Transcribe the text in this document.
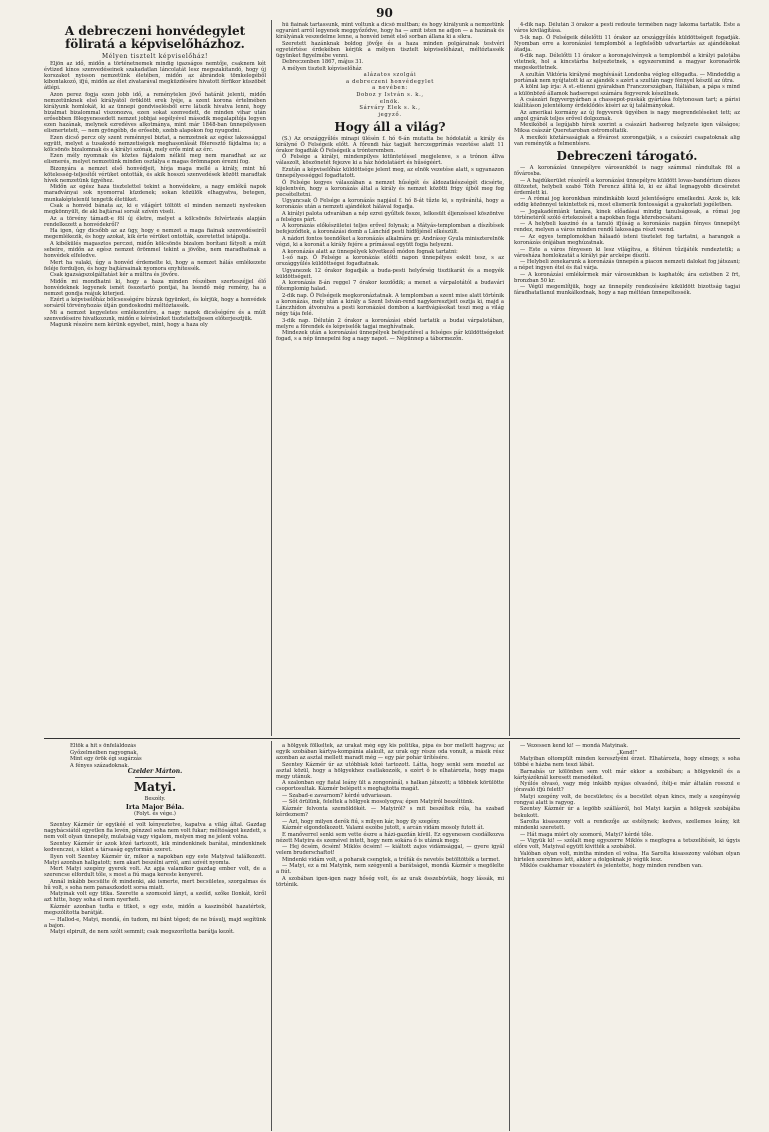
90

A debreczeni honvédegylet föliratá a képviselőházhoz.

Mélyen tisztelt képviselőház!

Eljön az idő, midőn a történetnemek mindig igazságos nemtője, csaknem két évtized kínos szenvedéseinek szakadatlan láncolatát lesz megszakítandó, hogy új korszakot nyisson nemzetünk életében, midőn az ábrándok tömkelegéből kibontakozó, ifjú, midőn az élet zivatarával megküzdésére hivatott férfikor küszöbét átlépi.

Azon perez fogja ezen jobb idő, a reménytelen jövő határát jelenti, midőn nemzetünknek első királyától öröklött erek lyéje, a szent korona értelmében királyunk homlokát, ki az ünnepi gondviselésből erre látszik hivatva lenni, hogy bizalmat bizalommal viszonozva, ezen sokat szenvedett, de minden vihar után erősebben fölegyenesedett nemzet jobbjai segélyével második megalapítója legyen ezen hazának, melynek ezredéves alkotmánya, mint már 1848-ban ünnepélyesen elismertetett, — nem gyöngébb, de erősebb, szebb alapokon fog nyugodni.

Ezen dicső percz oly szent reménnyel biztat, a nemzetnek az egész lakossággal együtt, melyet a tusakodó nemzetiségek meghasonlását föleresztő fájdalma is; a kölcsönös bizalomnak és a királyi szónak, mely erős mint az érc.

Ezen mély nyomnak és köztes fájdalom nélkül meg nem maradhat az az elismerés, melyet nemzetünk minden osztálya e magas örömnapon érezni fog.

Bizonyára a nemzet első honvédjeit, hívja maga mellé a király, mint hű kötelesség-teljesítői vérüket ontották, és akik hosszú szenvedések között maradtak hívek nemzetünk ügyéhez.

Midőn az egész haza tisztelettel tekint a honvédekre, a nagy emlékű napok maradványai sok nyomorral küzdenek; sokan közülök elhagyatva, betegen, munkaképtelenül tengetik életüket.

Csak a honvéd bánata az, ki e világért töltött el minden nemzeti nyelveken megkönnyült, de aki bajtársai sorsát szívén viseli.

Az a törvény támadt-e föl új életre, melyet a kölcsönös felvértezés alapján rendelkezett a honvédekről?

Ha igen, úgy dicsőbb az az ügy, hogy e nemzet a maga fiainak szenvedéseiről megemlékezik, és hogy azokat, kik érte vérüket ontották, szeretettel istápolja.

A kibékülés magasztos perczei, midőn kölcsönös bizalom borítani fátyolt a múlt sebeire, midőn az egész nemzet örömmel tekint a jövőbe, nem maradhatnak a honvédek elfeledve.

Mert ha valaki, úgy a honvéd érdemelte ki, hogy a nemzet hálás emlékezete feléje forduljon, és hogy bajtársainak nyomora enyhítessék.

Csak igazságszolgáltatást kér a múltra és jövőre.

Midőn mi mondhatni ki, hogy a haza minden részében szerteszéjjel élő honvédeknek legyenek ismét összetartó pontjai, ha leendő még remény, ha a nemzet gondja reájuk kiterjed.

Ezért a képviselőház bölcsességére bízzuk ügyünket, és kérjük, hogy a honvédek sorsáról törvényhozás útján gondoskodni méltóztassék.

Mi a nemzet kegyeletes emlékezetére, a nagy napok dicsőségére és a múlt szenvedéseire hivatkozunk, midőn e kérésünket tiszteletteljesen előterjesztjük.

Magunk részére nem kérünk egyebet, mint, hogy a haza oly

hű fiainak tartassunk, mint voltunk a dicső multban; és hogy királyunk a nemzetünk egyaránt arról legyenek meggyőződve, hogy ha — amit isten ne adjon — a hazának és királyának veszedelme lenne, a honvéd ismét első sorban állana ki a síkra.

Szeretett hazánknak boldog jövője és a haza minden polgárainak testvéri egyetértése érdekében kérjük a mélyen tisztelt képviselőházat, méltóztassék ügyünket figyelmébe venni.

Debreczenben 1867, május 31.

A mélyen tisztelt képviselőház

alázatos szolgái

a debreczeni honvédegylet

a nevében:

Doboz y István s. k.,

elnök.

Sárváry Elek s. k.,

jegyző.

Hogy áll a világ?

(S.) Az országgyűlés minapi ülésén f. hó 6-án mutatta be hódolatát a király és királyné Ő Felségeik előtt. A főrendi ház tagjait herczegprímás vezetése alatt 11 órakor fogadták Ő Felségeik a trónteremben.

Ő Felsége a királyi, mindenpilyes kitüntetéssel megjelenve, s a trónon állva válaszolt, köszönetét fejezve ki a ház hódolatáért és hűségéért.

Ezután a képviselőház küldöttsége jelent meg, az elnök vezetése alatt, s ugyanazon ünnepélyességgel fogadtatott.

Ő Felsége kegyes válaszában a nemzet hűségét és áldozatkészségét dicsérte, kijelentvén, hogy a koronázás által a király és nemzet közötti frigy újból meg fog pecsételtetni.

Ugyancsak Ő Felsége a koronázás napjául f. hó 8-át tűzte ki, s nyilvánítá, hogy a koronázás után a nemzeti ajándékot hálával fogadja.

A királyi palota udvarában a nép ezrei gyűltek össze, lelkesült éljenzéssel köszöntve a felséges párt.

A koronázás előkészületei teljes erővel folynak; a Mátyás-templomban a díszítések befejeződtek, a koronázási domb a Lánchíd pesti hídfőjénél elkészült.

A nádori fontos teendőket a koronázás alkalmára gr. Andrássy Gyula miniszterelnök végzi, ki a koronát a király fejére a prímással együtt fogja helyezni.

A koronázás alatt az ünnepélyek következő módon fognak tartatni:

1-ső nap. Ő Felsége a koronázás előtti napon ünnepélyes esküt tesz, s az országgyűlés küldöttségei fogadtatnak.

Ugyanezek 12 órakor fogadják a buda-pesti helyőrség tisztikarát és a megyék küldöttségeit.

A koronázás 8-án reggel 7 órakor kezdődik; a menet a várpalotától a budavári főtemplomig halad.

2-dik nap. Ő Felségeik megkoronáztatnak. A templomban a szent mise alatt történik a koronázás, mely után a király a Szent István-rend nagykeresztjeit osztja ki, majd a Lánczhídon átvonulva a pesti koronázási dombon a kardvágásokat teszi meg a világ négy tája felé.

3-dik nap. Délután 2 órakor a koronázási ebéd tartatik a budai várpalotában, melyre a főrendek és képviselők tagjai meghívatnak.

Mindezek után a koronázási ünnepélyek befejeztével a felséges pár küldöttségeket fogad, s a nép ünnepelni fog a nagy napot. — Népünnep a tábormezőn.

4-dik nap. Délután 3 órakor a pesti redoute termében nagy lakoma tartatik. Este a város kivilágítása.

5-ik nap. Ő Felségeik délelőtti 11 órakor az országgyűlés küldöttségeit fogadják. Nyomban erre a koronázási templomból a legfelsőbb udvartartás az ajándékokat átadja.

6-dik nap. Délelőtti 11 órakor a koronajelvények a templomból a királyi palotába vitetnek, hol a kincstárba helyeztetnek, s egyszersmind a magyar koronaőrök megeskettetnek.

A szultán Viktória királyné meghívását Londonba végleg elfogadta. — Mindeddig a portának nem nyújtatott ki az ajándék s azért a szultán nagy fénnyel készül az útra.

A kölni lap írja: A st.-etienni gyárakban Franczországban, Itáliában, a pápa s mind a különböző államok hadseregei számára fegyverek készülnek.

A császári fegyvergyárban a chassepot-puskák gyártása folytonosan tart; a párisi kiállításon jelentékeny érdeklődés kíséri az új találmányokat.

Az amerikai kormány az új fegyverek ügyében is nagy megrendeléseket tett; az angol gyárak teljes erővel dolgoznak.

Mexikóból a legújabb hírek szerint a császári hadsereg helyzete igen válságos; Miksa császár Queretaroban ostromoltatik.

A mexikói köztársaságiak a fővárost szorongatják, s a császári csapatoknak alig van reményük a felmentésre.

Debreczeni tárogató.

— A koronázási ünnepélyre városunkból is nagy számmal rándultak föl a fővárosba.

— A hajdúkerület részéről a koronázási ünnepélyre küldött lovas-bandérium díszes öltözetet, helybeli szabó Tóth Ferencz állítá ki, ki ez által legnagyobb dicséretet érdemlett ki.

— A római jog koronkban mindinkább kezd jelentőségre emelkedni. Azok is, kik eddig közönnyel tekintettek rá, most elismerik fontosságát a gyakorlati jogéletben.

— Jogakadémiánk tanára, kinek előadásai mindig tanulságosak, a római jog történetéről szóló értekezését a napokban fogja közrebocsátani.

— A helybeli kaszinó és a tanuló ifjúság a koronázás napján fényes ünnepélyt rendez, melyen a város minden rendű lakossága részt veend.

— Az egyes templomokban hálaadó isteni tisztelet fog tartatni, a harangok a koronázás órájában meghúzatnak.

— Este a város fényesen ki lesz világítva, a főtéren tűzijáték rendeztetik; a városháza homlokzatát a királyi pár arcképe díszíti.

— Helybeli zenekarunk a koronázás ünnepén a piacon nemzeti dalokat fog játszani; a népet ingyen étel és ital várja.

— A koronázási emlékérmek már városunkban is kaphatók; ára ezüstben 2 frt, bronzban 50 kr.

— Végül megemlítjük, hogy az ünnepély rendezésére kiküldött bizottság tagjai fáradhatatlanul munkálkodnak, hogy a nap méltóan ünnepeltessék.

Éltök a hit s önfeláldozás

Győzelmeiben ragyognak,

Mint egy örök égi sugárzás

A fényes századoknak.

Czelder Márton.

Matyi.

Beszély.

Irta Major Béla.

(Folyt. és vége.)

Szentey Kázmér úr egyikéé el volt kényeztetve, kapatva a világ által. Gazdag nagybácsiától egyetlen fia levén, pénzzel soha nem volt fukar; méltóságot kezdett, s nem volt olyan ünnepély, mulatság vagy vigalom, melyen meg ne jelent volna.

Szentey Kázmér úr azok közé tartozott, kik mindenkinek barátai, mindenkinek kedvenczei, s kiket a társaság egyformán szeret.

Ilyen volt Szentey Kázmér úr, mikor a napokban egy este Matyival találkozott. Matyi azonban hallgatott; nem akart beszélni arról, ami szívét nyomta.

Mert Matyi szegény gyerek volt. Az apja valamikor gazdag ember volt, de a szerencse elfordult tőle, s most a fiú maga kereste kenyerét.

Annál inkább becsülte őt mindenki, aki ismerte, mert becsületes, szorgalmas és hű volt, s soha nem panaszkodott sorsa miatt.

Matyinak volt egy titka. Szerette a szomszéd lányt, a szelíd, szőke Ilonkát, kiről azt hitte, hogy soha el nem nyerheti.

Kázmér azonban tudta e titkot, s egy este, midőn a kaszinóból hazatértek, megszólította barátját.

— Hallod-e, Matyi, mondá, én tudom, mi bánt téged; de ne búsulj, majd segítünk a bajon.

Matyi elpirult, de nem szólt semmit; csak megszorította barátja kezét.

a hölgyek fölkeltek, az urakat még egy kis politika, pipa és bor mellett hagyva; az egyik szobában kártya-kompánia alakult, az urak egy része oda vonult, a másik rész azonban az asztal mellett maradt még — egy pár pohár ürítésére.

Szentey Kázmér úr az utóbbiak közé tartozott. Látta, hogy senki sem mozdul az asztal közül, hogy a hölgyekhez csatlakozzék, s ezért ő is elhatározta, hogy maga megy utánuk.

A szalonban egy fiatal leány ült a zongoránál, s halkan játszott; a többiek körülötte csoportosultak. Kázmér belépett s meghajtotta magát.

— Szabad-e zavarnom? kérdé udvariasan.

— Sőt örülünk, feleltek a hölgyek mosolyogva; épen Matyiról beszéltünk.

Kázmér felvonta szemöldökét. — Matyiról? s mit beszéltek róla, ha szabad kérdeznem?

— Azt, hogy milyen derék fiú, s milyen kár, hogy ily szegény.

Kázmér elgondolkozott. Valami eszébe jutott, s arcán vidám mosoly futott át.

E manőverrel senki sem vette észre a házi-gazdán kívül. Ez egyenesen csodálkozva nézett Matyira és szemével intett, hogy nem sokára ő is utánuk megy.

— Hej öcsém, öcsém! Miklós öcsém! — kiáltott zajos vidámsággal, — gyere igyál velem bruderschaftot!

Mindenki vidám volt, a poharak csengtek, a tréfák és nevetés betöltötték a termet.

— Matyi, ez a mi Matyink, nem szégyenli a barátságot, mondá Kázmér s megölelte a fiút.

A szobában igen-igen nagy hőség volt, és az urak összebúvták, hogy lássák, mi történik.

— Vezessen kend ki! — mondá Matyinak.

„Kend!”

Matyiban oltompült minden keresztyéni érzet. Elhatározta, hogy elmegy, s soha többé e házba nem teszi lábát.

Barnabás ur kölönben sem volt már ekkor a szobában; a hölgyeknél és a kártyázóknál keresett menedéket.

Nyúlós olvasó, vagy még inkább nyájas olvasónő, ítélj-e már általán rosszul e jóravaló ifjú felett?

Matyi szegény volt, de becsületes; és a becsület olyan kincs, mely a szegénység rongyai alatt is ragyog.

Szentey Kázmér úr a legöbb szállásról, hol Matyi karján a hölgyek szobájába bekukott.

Sarolta kisasszony volt a rendezője az estélynek; kedves, szellemes leány, kit mindenki szeretett.

— Hát maga miért oly szomorú, Matyi? kérdé tőle.

— Vigyük ki! — szólalt meg egyszerre Miklós s megfogva a tetszelítését, ki úgyis előre volt, Matyival együtt kivitték a szobából.

Valóban olyan volt, mintha minden el volna. Ha Sarolta kisasszony valóban olyan hirtelen szerelmes lett, akkor a dolgoknak jó végük lesz.

Miklós csakhamar visszatért és jelentette, hogy minden rendben van.
